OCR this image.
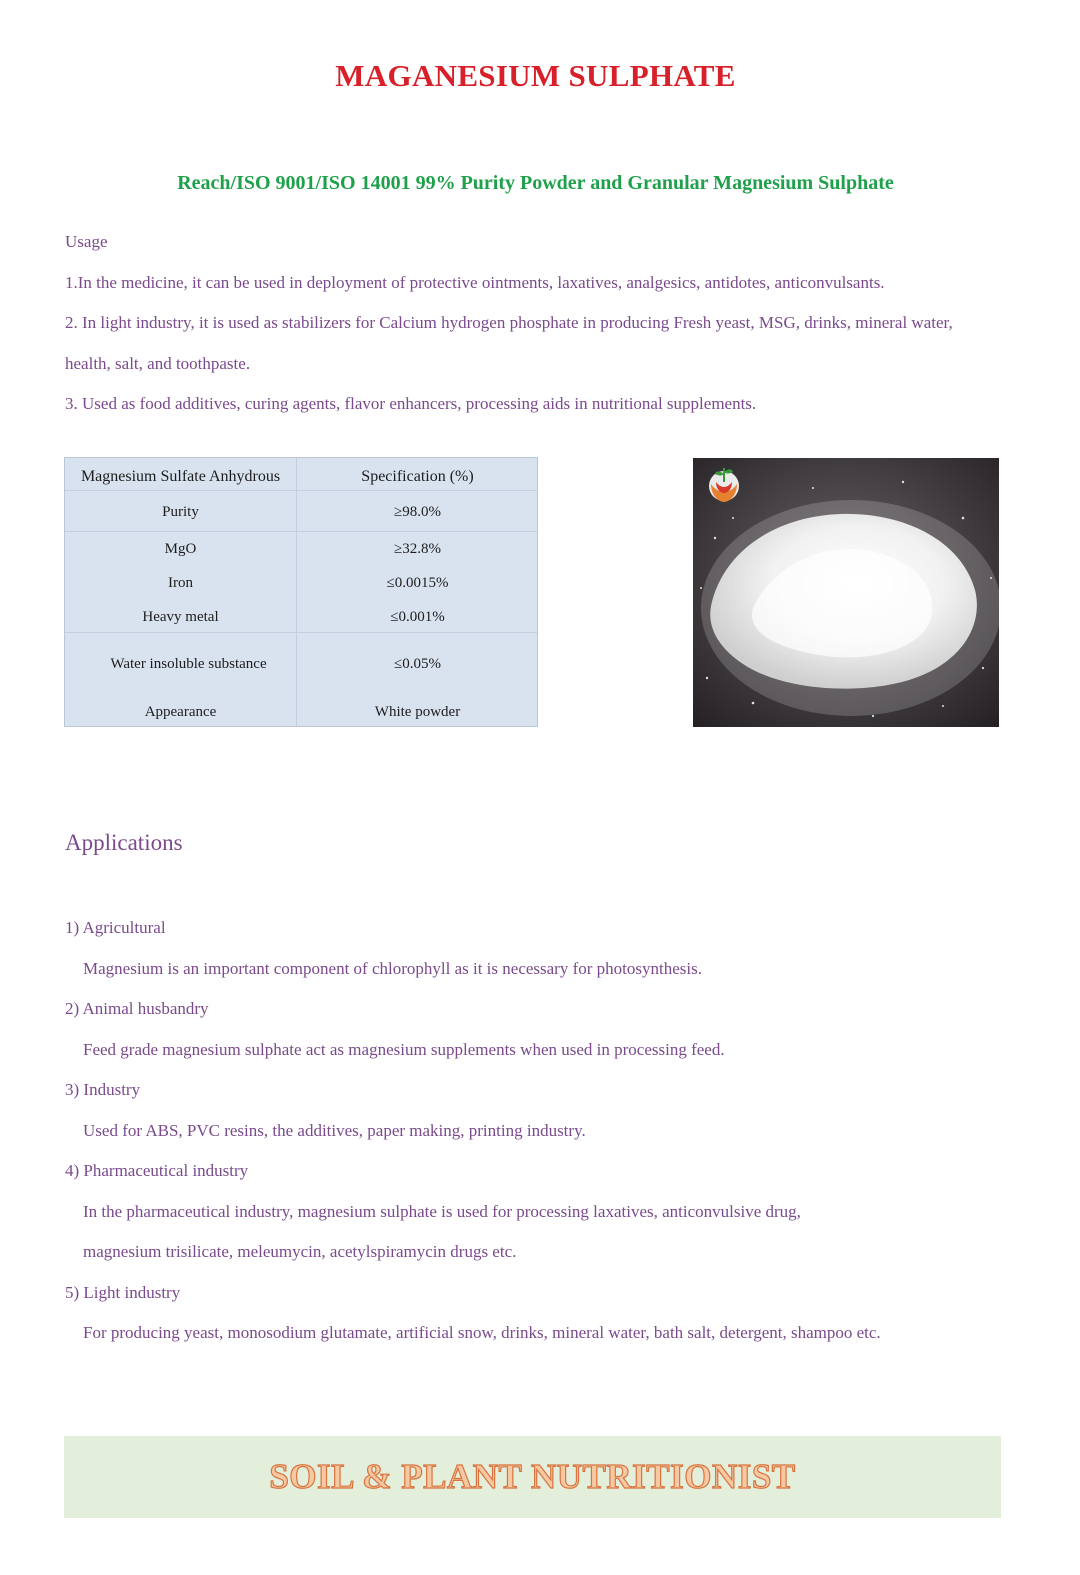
MAGANESIUM SULPHATE
Reach/ISO 9001/ISO 14001 99% Purity Powder and Granular Magnesium Sulphate
Usage
1.In the medicine, it can be used in deployment of protective ointments, laxatives, analgesics, antidotes, anticonvulsants.
2. In light industry, it is used as stabilizers for Calcium hydrogen phosphate in producing Fresh yeast, MSG, drinks, mineral water,
health, salt, and toothpaste.
3. Used as food additives, curing agents, flavor enhancers, processing aids in nutritional supplements.
Magnesium Sulfate Anhydrous	Specification (%)
Purity	≥98.0%
MgO	≥32.8%
Iron	≤0.0015%
Heavy metal	≤0.001%
Water insoluble substance	≤0.05%
Appearance	White powder
Applications
1) Agricultural
Magnesium is an important component of chlorophyll as it is necessary for photosynthesis.
2) Animal husbandry
Feed grade magnesium sulphate act as magnesium supplements when used in processing feed.
3) Industry
Used for ABS, PVC resins, the additives, paper making, printing industry.
4) Pharmaceutical industry
In the pharmaceutical industry, magnesium sulphate is used for processing laxatives, anticonvulsive drug,
magnesium trisilicate, meleumycin, acetylspiramycin drugs etc.
5) Light industry
For producing yeast, monosodium glutamate, artificial snow, drinks, mineral water, bath salt, detergent, shampoo etc.
SOIL & PLANT NUTRITIONIST
